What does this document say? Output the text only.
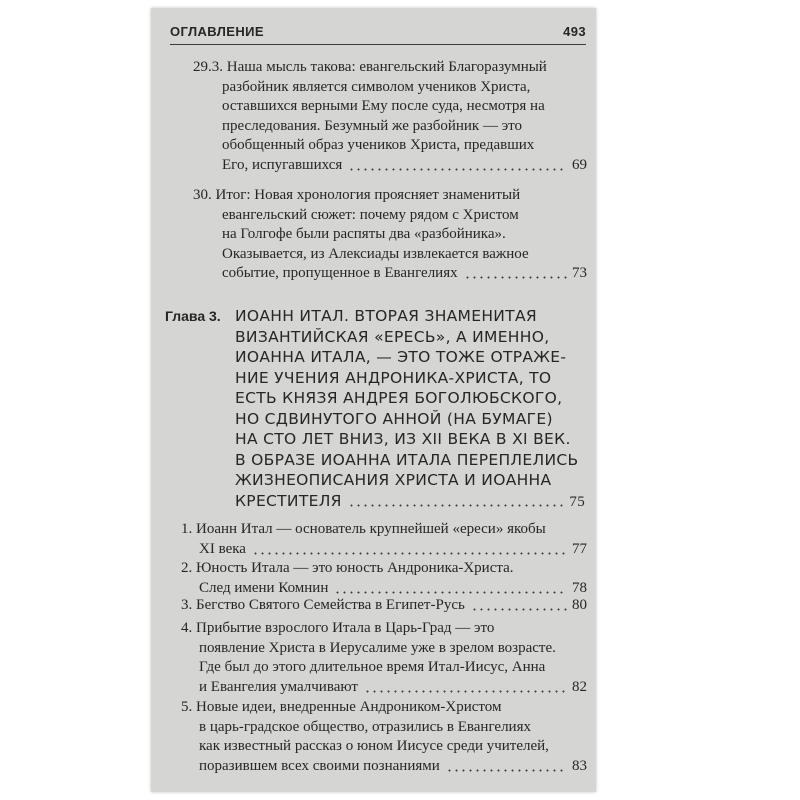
ОГЛАВЛЕНИЕ	493
29.3. Наша мысль такова: евангельский Благоразумный
разбойник является символом учеников Христа,
оставшихся верными Ему после суда, несмотря на
преследования. Безумный же разбойник — это
обобщенный образ учеников Христа, предавших
Его, испугавшихся	69
30. Итог: Новая хронология проясняет знаменитый
евангельский сюжет: почему рядом с Христом
на Голгофе были распяты два «разбойника».
Оказывается, из Алексиады извлекается важное
событие, пропущенное в Евангелиях	73
Глава 3. ИОАНН ИТАЛ. ВТОРАЯ ЗНАМЕНИТАЯ
ВИЗАНТИЙСКАЯ «ЕРЕСЬ», А ИМЕННО,
ИОАННА ИТАЛА, — ЭТО ТОЖЕ ОТРАЖЕ-
НИЕ УЧЕНИЯ АНДРОНИКА-ХРИСТА, ТО
ЕСТЬ КНЯЗЯ АНДРЕЯ БОГОЛЮБСКОГО,
НО СДВИНУТОГО АННОЙ (НА БУМАГЕ)
НА СТО ЛЕТ ВНИЗ, ИЗ XII ВЕКА В XI ВЕК.
В ОБРАЗЕ ИОАННА ИТАЛА ПЕРЕПЛЕЛИСЬ
ЖИЗНЕОПИСАНИЯ ХРИСТА И ИОАННА
КРЕСТИТЕЛЯ	75
1. Иоанн Итал — основатель крупнейшей «ереси» якобы
XI века	77
2. Юность Итала — это юность Андроника-Христа.
След имени Комнин	78
3. Бегство Святого Семейства в Египет-Русь	80
4. Прибытие взрослого Итала в Царь-Град — это
появление Христа в Иерусалиме уже в зрелом возрасте.
Где был до этого длительное время Итал-Иисус, Анна
и Евангелия умалчивают	82
5. Новые идеи, внедренные Андроником-Христом
в царь-градское общество, отразились в Евангелиях
как известный рассказ о юном Иисусе среди учителей,
поразившем всех своими познаниями	83
